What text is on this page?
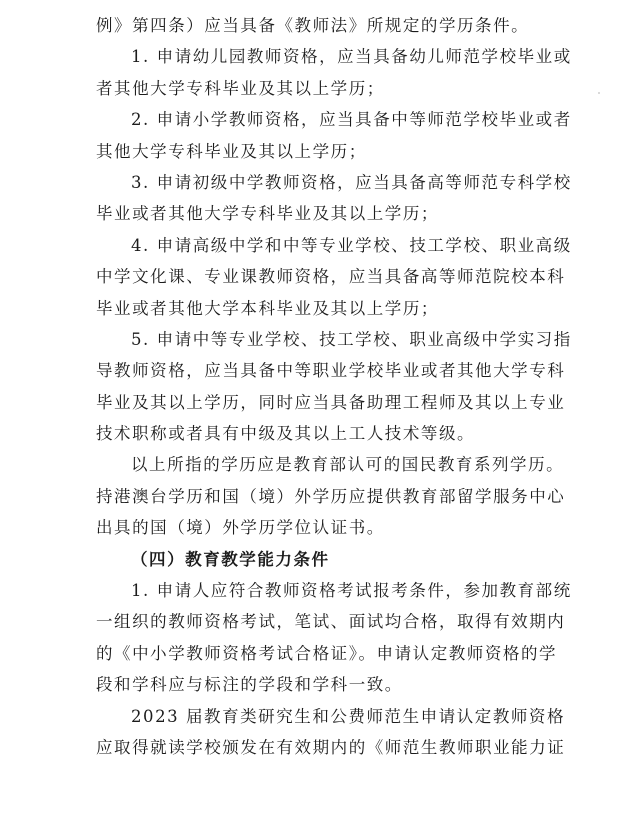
例》第四条）应当具备《教师法》所规定的学历条件。
1. 申请幼儿园教师资格，应当具备幼儿师范学校毕业或
者其他大学专科毕业及其以上学历；
2. 申请小学教师资格，应当具备中等师范学校毕业或者
其他大学专科毕业及其以上学历；
3. 申请初级中学教师资格，应当具备高等师范专科学校
毕业或者其他大学专科毕业及其以上学历；
4. 申请高级中学和中等专业学校、技工学校、职业高级
中学文化课、专业课教师资格，应当具备高等师范院校本科
毕业或者其他大学本科毕业及其以上学历；
5. 申请中等专业学校、技工学校、职业高级中学实习指
导教师资格，应当具备中等职业学校毕业或者其他大学专科
毕业及其以上学历，同时应当具备助理工程师及其以上专业
技术职称或者具有中级及其以上工人技术等级。
以上所指的学历应是教育部认可的国民教育系列学历。
持港澳台学历和国（境）外学历应提供教育部留学服务中心
出具的国（境）外学历学位认证书。
（四）教育教学能力条件
1. 申请人应符合教师资格考试报考条件，参加教育部统
一组织的教师资格考试，笔试、面试均合格，取得有效期内
的《中小学教师资格考试合格证》。申请认定教师资格的学
段和学科应与标注的学段和学科一致。
2023 届教育类研究生和公费师范生申请认定教师资格
应取得就读学校颁发在有效期内的《师范生教师职业能力证
